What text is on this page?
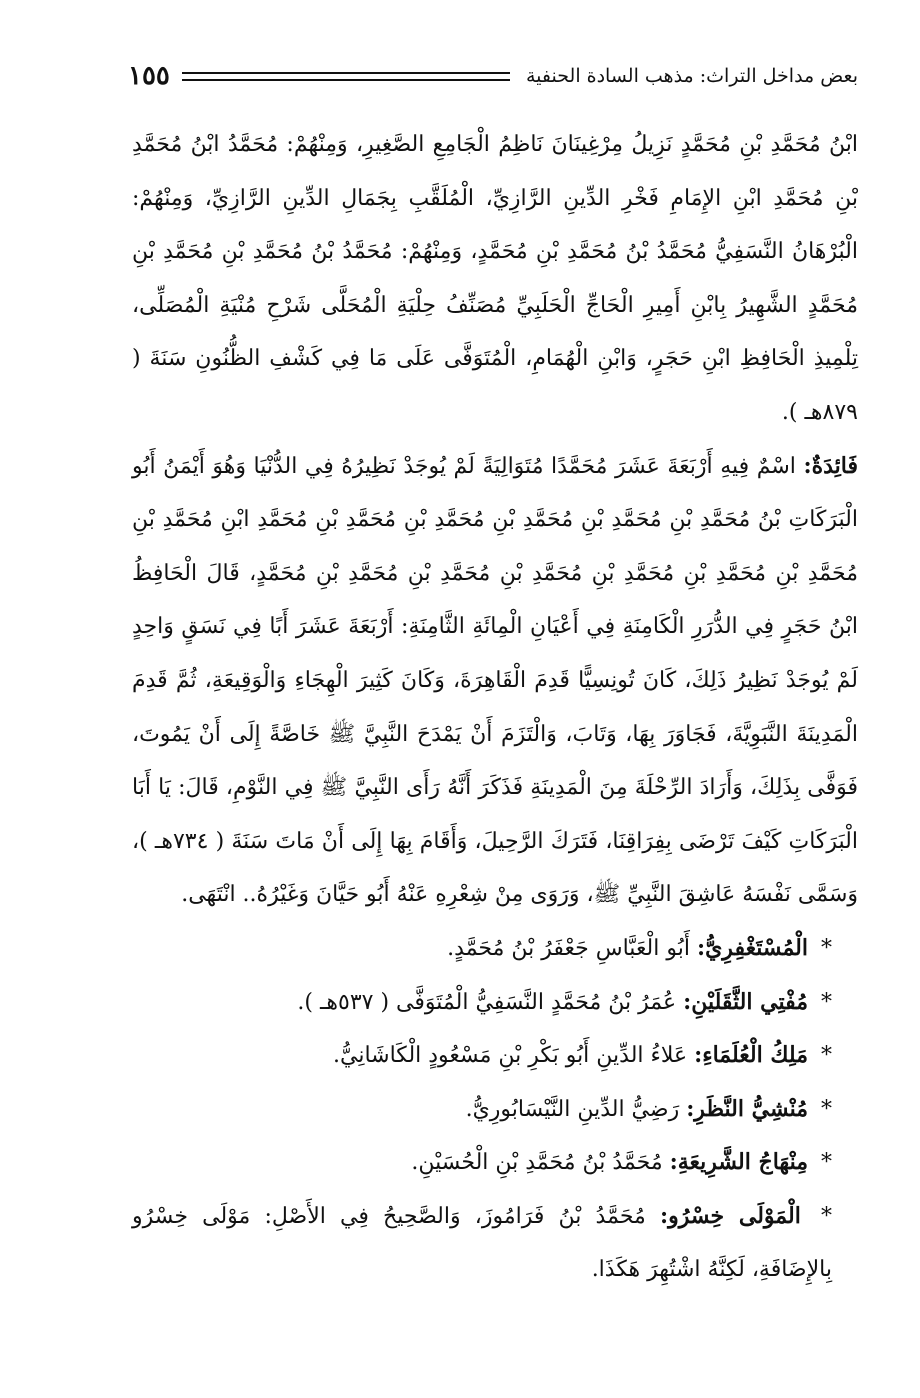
بعض مداخل التراث: مذهب السادة الحنفية
١٥٥

ابْنُ مُحَمَّدِ بْنِ مُحَمَّدٍ نَزِيلُ مِرْغِينَانَ نَاظِمُ الْجَامِعِ الصَّغِيرِ، وَمِنْهُمْ: مُحَمَّدُ ابْنُ مُحَمَّدِ بْنِ مُحَمَّدِ ابْنِ الإِمَامِ فَخْرِ الدِّينِ الرَّازِيِّ، الْمُلَقَّبِ بِجَمَالِ الدِّينِ الرَّازِيِّ، وَمِنْهُمْ: الْبُرْهَانُ النَّسَفِيُّ مُحَمَّدُ بْنُ مُحَمَّدِ بْنِ مُحَمَّدٍ، وَمِنْهُمْ: مُحَمَّدُ بْنُ مُحَمَّدِ بْنِ مُحَمَّدِ بْنِ مُحَمَّدٍ الشَّهِيرُ بِابْنِ أَمِيرِ الْحَاجِّ الْحَلَبِيِّ مُصَنِّفُ حِلْيَةِ الْمُحَلَّى شَرْحِ مُنْيَةِ الْمُصَلِّى، تِلْمِيذِ الْحَافِظِ ابْنِ حَجَرٍ، وَابْنِ الْهُمَامِ، الْمُتَوَفَّى عَلَى مَا فِي كَشْفِ الظُّنُونِ سَنَةَ ( ٨٧٩هـ ).

فَائِدَةٌ: اسْمٌ فِيهِ أَرْبَعَةَ عَشَرَ مُحَمَّدًا مُتَوَالِيَةً لَمْ يُوجَدْ نَظِيرُهُ فِي الدُّنْيَا وَهُوَ أَيْمَنُ أَبُو الْبَرَكَاتِ بْنُ مُحَمَّدِ بْنِ مُحَمَّدِ بْنِ مُحَمَّدِ بْنِ مُحَمَّدِ بْنِ مُحَمَّدِ بْنِ مُحَمَّدِ ابْنِ مُحَمَّدِ بْنِ مُحَمَّدِ بْنِ مُحَمَّدِ بْنِ مُحَمَّدِ بْنِ مُحَمَّدِ بْنِ مُحَمَّدِ بْنِ مُحَمَّدِ بْنِ مُحَمَّدٍ، قَالَ الْحَافِظُ ابْنُ حَجَرٍ فِي الدُّرَرِ الْكَامِنَةِ فِي أَعْيَانِ الْمِائَةِ الثَّامِنَةِ: أَرْبَعَةَ عَشَرَ أَبًا فِي نَسَقٍ وَاحِدٍ لَمْ يُوجَدْ نَظِيرُ ذَلِكَ، كَانَ تُونِسِيًّا قَدِمَ الْقَاهِرَةَ، وَكَانَ كَثِيرَ الْهِجَاءِ وَالْوَقِيعَةِ، ثُمَّ قَدِمَ الْمَدِينَةَ النَّبَوِيَّةَ، فَجَاوَرَ بِهَا، وَتَابَ، وَالْتَزَمَ أَنْ يَمْدَحَ النَّبِيَّ ﷺ خَاصَّةً إِلَى أَنْ يَمُوتَ، فَوَفَّى بِذَلِكَ، وَأَرَادَ الرِّحْلَةَ مِنَ الْمَدِينَةِ فَذَكَرَ أَنَّهُ رَأَى النَّبِيَّ ﷺ فِي النَّوْمِ، قَالَ: يَا أَبَا الْبَرَكَاتِ كَيْفَ تَرْضَى بِفِرَاقِنَا، فَتَرَكَ الرَّحِيلَ، وَأَقَامَ بِهَا إِلَى أَنْ مَاتَ سَنَةَ ( ٧٣٤هـ )، وَسَمَّى نَفْسَهُ عَاشِقَ النَّبِيِّ ﷺ، وَرَوَى مِنْ شِعْرِهِ عَنْهُ أَبُو حَيَّانَ وَغَيْرُهُ.. انْتَهَى.

* الْمُسْتَغْفِرِيُّ: أَبُو الْعَبَّاسِ جَعْفَرُ بْنُ مُحَمَّدٍ.

* مُفْتِي الثَّقَلَيْنِ: عُمَرُ بْنُ مُحَمَّدٍ النَّسَفِيُّ الْمُتَوَفَّى ( ٥٣٧هـ ).

* مَلِكُ الْعُلَمَاءِ: عَلاءُ الدِّينِ أَبُو بَكْرِ بْنِ مَسْعُودٍ الْكَاشَانِيُّ.

* مُنْشِيُّ النَّظَرِ: رَضِيُّ الدِّينِ النَّيْسَابُورِيُّ.

* مِنْهَاجُ الشَّرِيعَةِ: مُحَمَّدُ بْنُ مُحَمَّدِ بْنِ الْحُسَيْنِ.

* الْمَوْلَى خِسْرُو: مُحَمَّدُ بْنُ فَرَامُوزَ، وَالصَّحِيحُ فِي الأَصْلِ: مَوْلَى خِسْرُو بِالإِضَافَةِ، لَكِنَّهُ اشْتُهِرَ هَكَذَا.
